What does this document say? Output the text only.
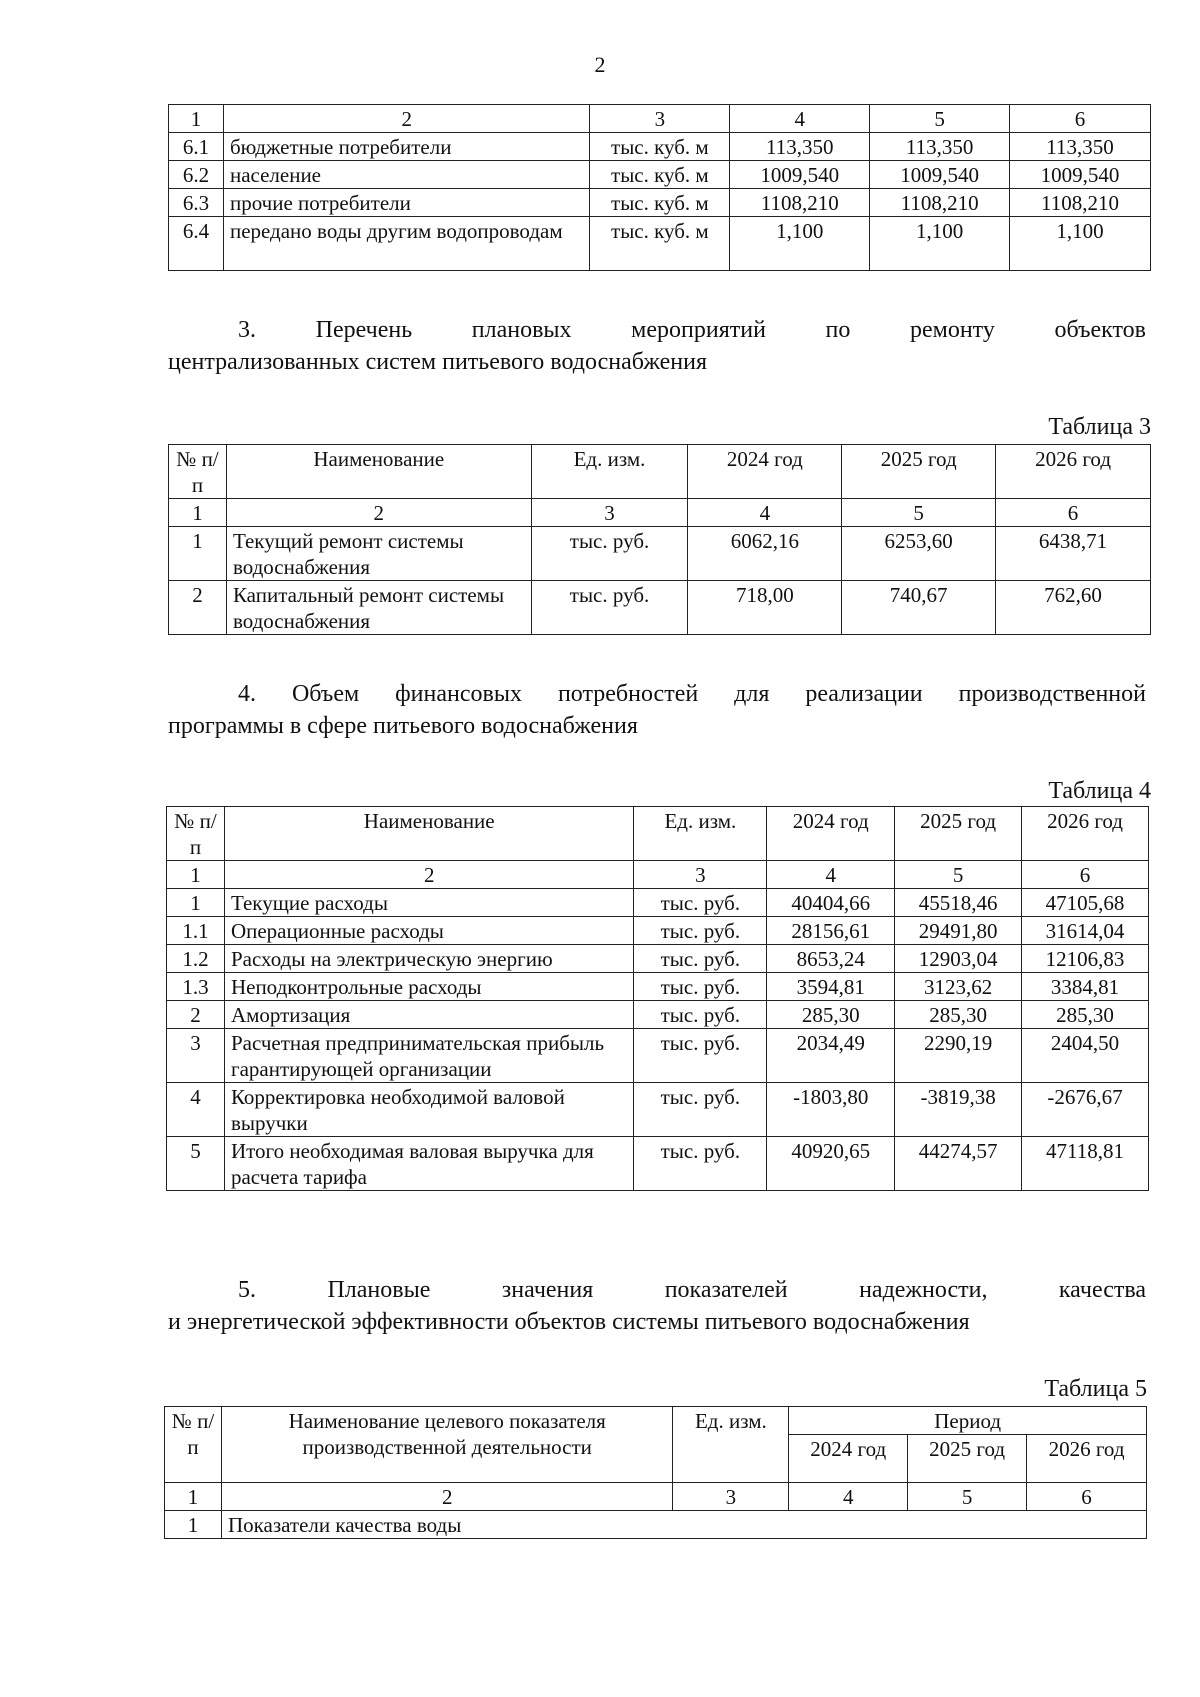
2
1	2	3	4	5	6
6.1	бюджетные потребители	тыс. куб. м	113,350	113,350	113,350
6.2	население	тыс. куб. м	1009,540	1009,540	1009,540
6.3	прочие потребители	тыс. куб. м	1108,210	1108,210	1108,210
6.4	передано воды другим водопроводам	тыс. куб. м	1,100	1,100	1,100
3. Перечень плановых мероприятий по ремонту объектов
централизованных систем питьевого водоснабжения
Таблица 3
№ п/п	Наименование	Ед. изм.	2024 год	2025 год	2026 год
1	2	3	4	5	6
1	Текущий ремонт системы водоснабжения	тыс. руб.	6062,16	6253,60	6438,71
2	Капитальный ремонт системы водоснабжения	тыс. руб.	718,00	740,67	762,60
4. Объем финансовых потребностей для реализации производственной
программы в сфере питьевого водоснабжения
Таблица 4
№ п/п	Наименование	Ед. изм.	2024 год	2025 год	2026 год
1	2	3	4	5	6
1	Текущие расходы	тыс. руб.	40404,66	45518,46	47105,68
1.1	Операционные расходы	тыс. руб.	28156,61	29491,80	31614,04
1.2	Расходы на электрическую энергию	тыс. руб.	8653,24	12903,04	12106,83
1.3	Неподконтрольные расходы	тыс. руб.	3594,81	3123,62	3384,81
2	Амортизация	тыс. руб.	285,30	285,30	285,30
3	Расчетная предпринимательская прибыль гарантирующей организации	тыс. руб.	2034,49	2290,19	2404,50
4	Корректировка необходимой валовой выручки	тыс. руб.	-1803,80	-3819,38	-2676,67
5	Итого необходимая валовая выручка для расчета тарифа	тыс. руб.	40920,65	44274,57	47118,81
5. Плановые значения показателей надежности, качества
и энергетической эффективности объектов системы питьевого водоснабжения
Таблица 5
№ п/п	Наименование целевого показателя производственной деятельности	Ед. изм.	Период		
			2024 год	2025 год	2026 год
1	2	3	4	5	6
1	Показатели качества воды				
